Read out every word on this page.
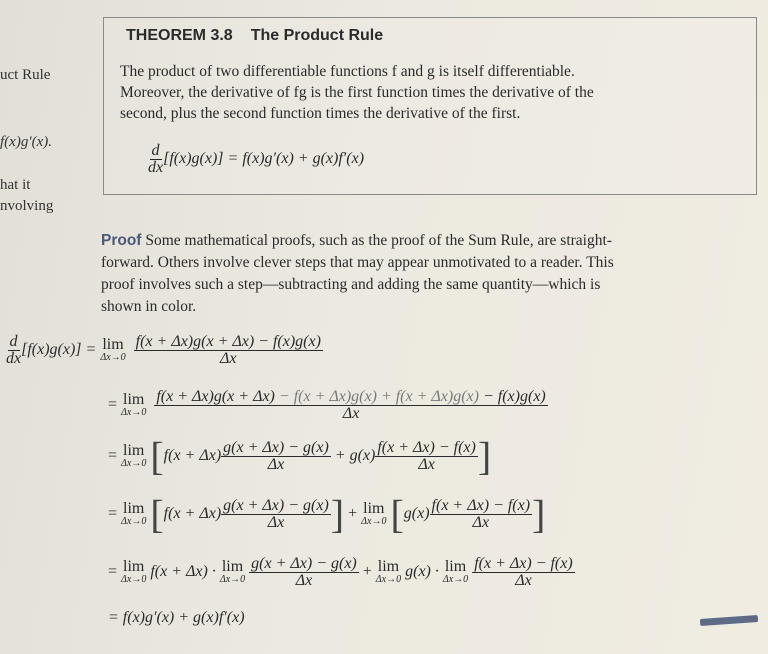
uct Rule
f(x)g′(x).
hat it
nvolving
THEOREM 3.8 The Product Rule
The product of two differentiable functions f and g is itself differentiable.
Moreover, the derivative of fg is the first function times the derivative of the
second, plus the second function times the derivative of the first.
$\frac{d}{dx} [f(x)g(x)] = f(x)g'(x) + g(x)f'(x)$
Proof Some mathematical proofs, such as the proof of the Sum Rule, are straight-
forward. Others involve clever steps that may appear unmotivated to a reader. This
proof involves such a step—subtracting and adding the same quantity—which is
shown in color.
$\frac{d}{dx} [f(x)g(x)] = \lim$
Δx→0
$\frac{f(x + \Delta x)g(x + \Delta x) - f(x)g(x)}{\Delta x}$
= lim
Δx→0

f(x + Δx)g(x + Δx) − f(x + Δx)g(x) + f(x + Δx)g(x) − f(x)g(x)
Δx
= lim
Δx→0 [$f(x + \Delta x) \frac{g(x + \Delta x) - g(x)}{\Delta x} + g(x) \frac{f(x + \Delta x) - f(x)}{\Delta x}$ ]
= lim
Δx→0 [$f(x + \Delta x) \frac{g(x + \Delta x) - g(x)}{\Delta x}$ ] + lim
Δx→0 [$g(x) \frac{f(x + \Delta x) - f(x)}{\Delta x}$ ]
= lim
Δx→0 f(x + Δx) · lim
Δx→0
$\frac{g(x + \Delta x) - g(x)}{\Delta x} + \lim$
Δx→0 g(x) · lim
Δx→0
$\frac{f(x + \Delta x) - f(x)}{\Delta x}$
= f(x)g′(x) + g(x)f′(x)
